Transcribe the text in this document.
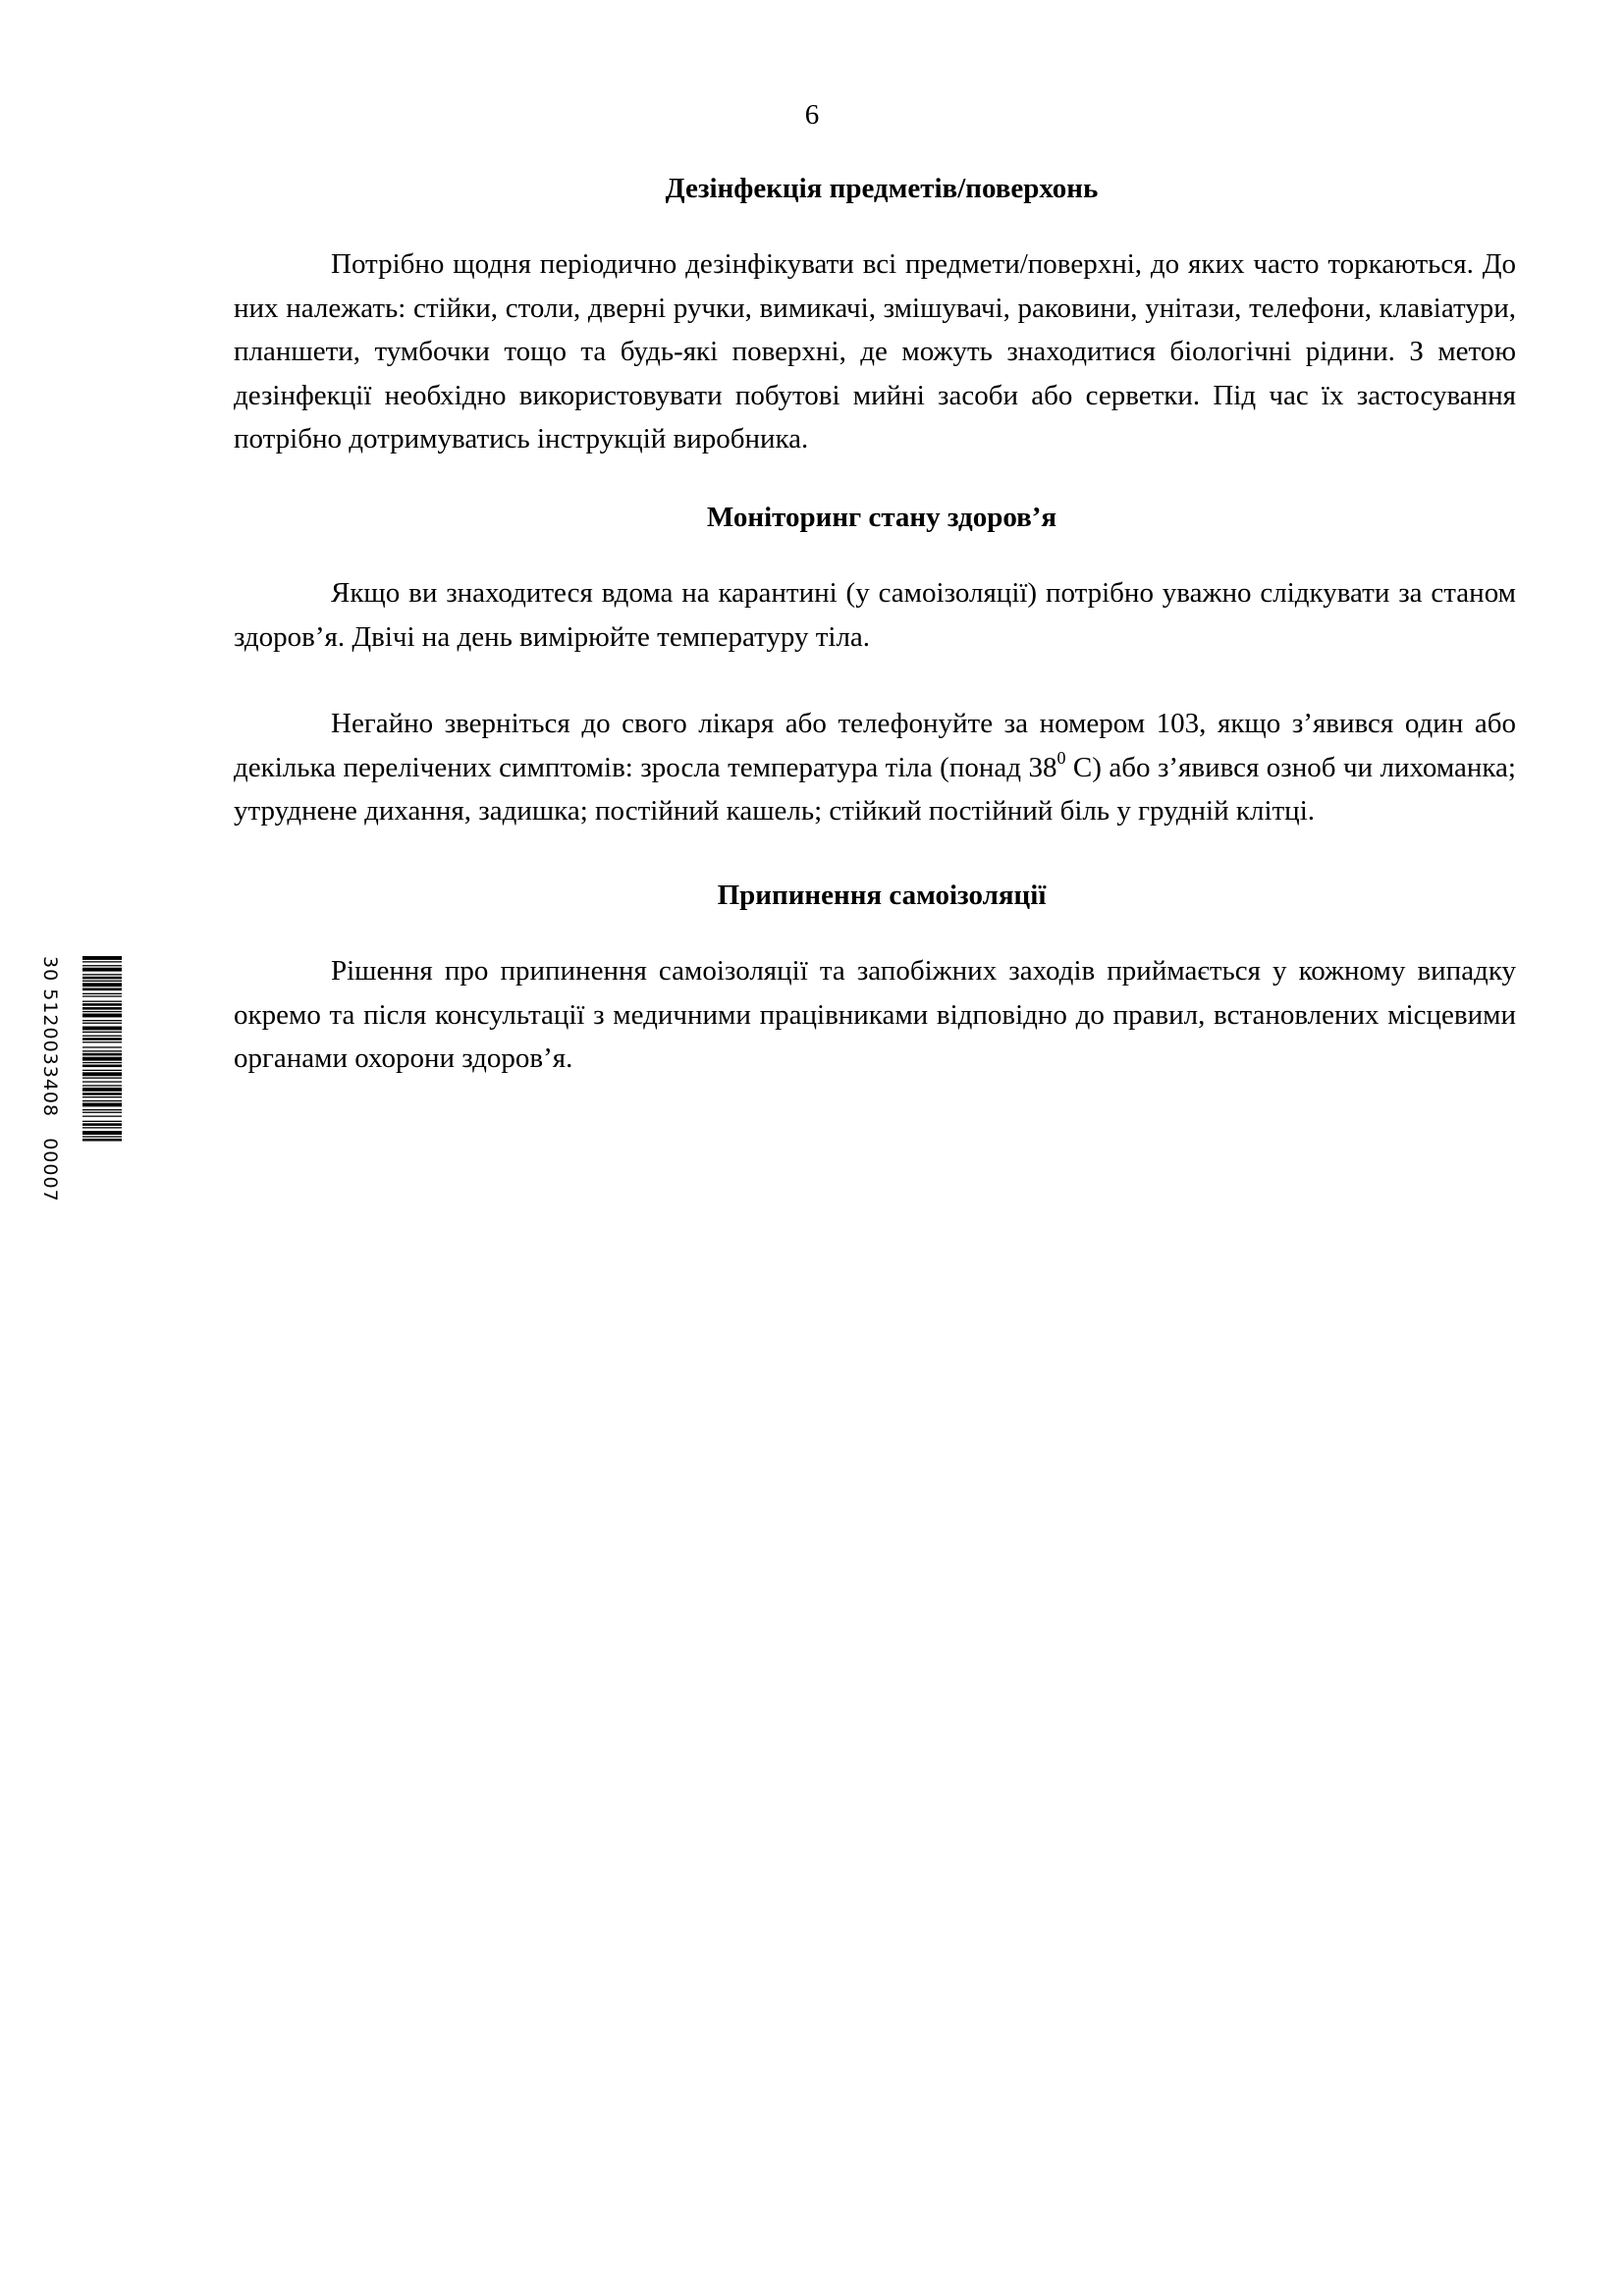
6
Дезінфекція предметів/поверхонь

Потрібно щодня періодично дезінфікувати всі предмети/поверхні, до яких часто торкаються. До них належать: стійки, столи, дверні ручки, вимикачі, змішувачі, раковини, унітази, телефони, клавіатури, планшети, тумбочки тощо та будь-які поверхні, де можуть знаходитися біологічні рідини. З метою дезінфекції необхідно використовувати побутові мийні засоби або серветки. Під час їх застосування потрібно дотримуватись інструкцій виробника.

Моніторинг стану здоров’я

Якщо ви знаходитеся вдома на карантині (у самоізоляції) потрібно уважно слідкувати за станом здоров’я. Двічі на день вимірюйте температуру тіла.

Негайно зверніться до свого лікаря або телефонуйте за номером 103, якщо з’явився один або декілька перелічених симптомів: зросла температура тіла (понад $38^0$ С) або з’явився озноб чи лихоманка; утруднене дихання, задишка; постійний кашель; стійкий постійний біль у грудній клітці.

Припинення самоізоляції

Рішення про припинення самоізоляції та запобіжних заходів приймається у кожному випадку окремо та після консультації з медичними працівниками відповідно до правил, встановлених місцевими органами охорони здоров’я.

30 5120033408   00007
